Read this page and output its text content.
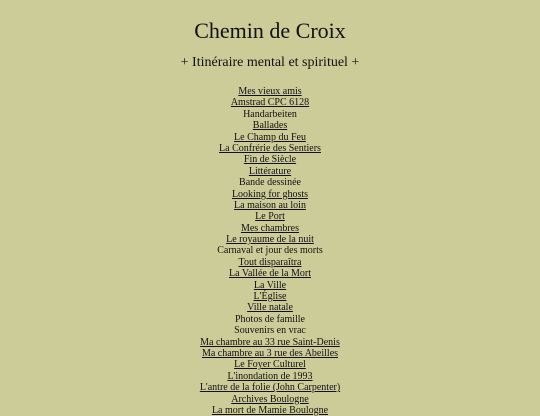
Chemin de Croix
+ Itinéraire mental et spirituel +
Mes vieux amis
Amstrad CPC 6128
Handarbeiten
Ballades
Le Champ du Feu
La Confrérie des Sentiers
Fin de Siècle
Littérature
Bande dessinée
Looking for ghosts
La maison au loin
Le Port
Mes chambres
Le royaume de la nuit
Carnaval et jour des morts
Tout disparaîtra
La Vallée de la Mort
La Ville
L'Église
Ville natale
Photos de famille
Souvenirs en vrac
Ma chambre au 33 rue Saint-Denis
Ma chambre au 3 rue des Abeilles
Le Foyer Culturel
L'inondation de 1993
L'antre de la folie (John Carpenter)
Archives Boulogne
La mort de Mamie Boulogne
